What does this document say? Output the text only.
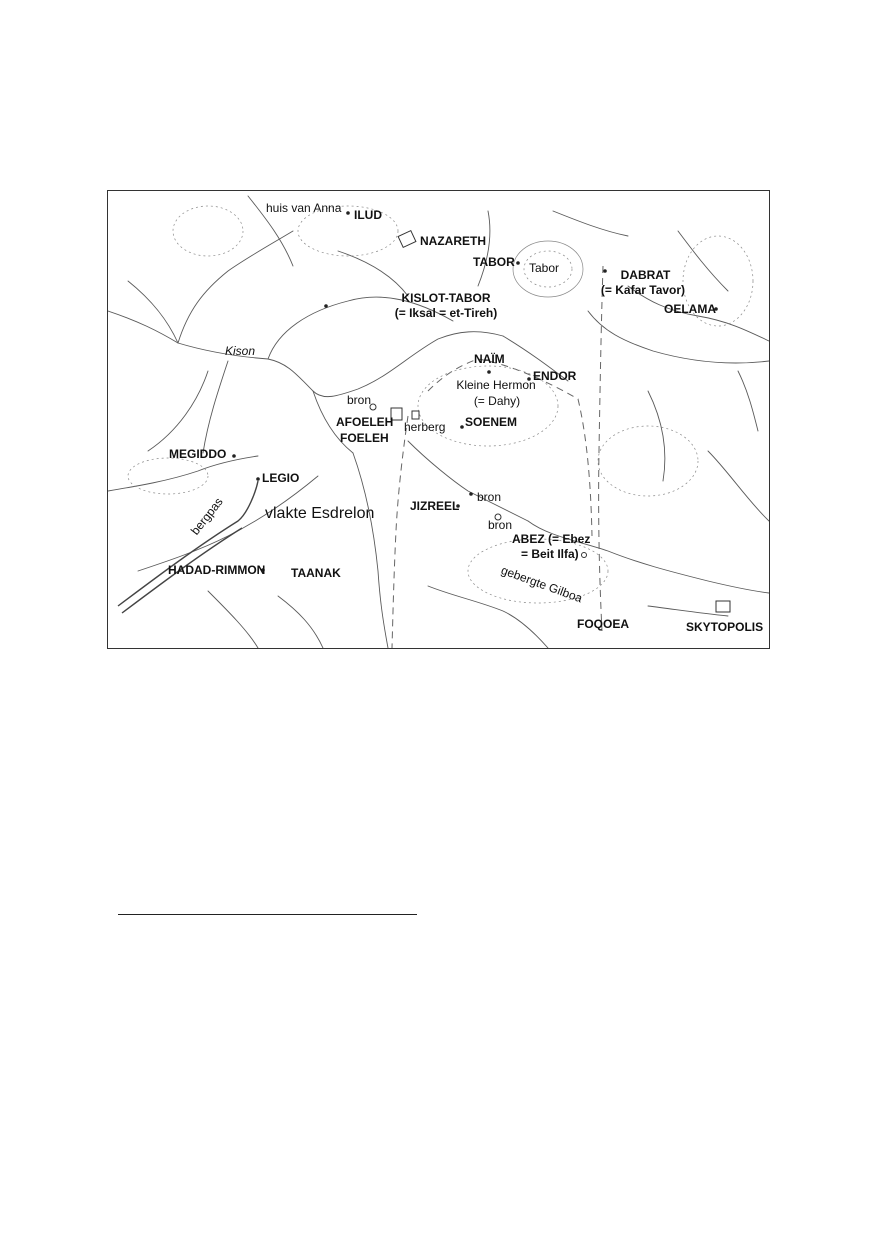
huis van Anna ILUD
NAZARETH
TABOR Tabor	DABRAT
(= Kafar Tavor)
OELAMA
KISLOT-TABOR
(= Iksal = et-Tireh)
Kison
NAÏM
ENDOR
Kleine Hermon
(= Dahy)
bron
AFOELEH
FOELEH
herberg SOENEM
MEGIDDO
LEGIO
bron
JIZREEL
vlakte Esdrelon
bron
ABEZ (= Ebez
= Beit Ilfa)
bergpas
HADAD-RIMMON TAANAK	gebergte Gilboa
FOQOEA	SKYTOPOLIS
